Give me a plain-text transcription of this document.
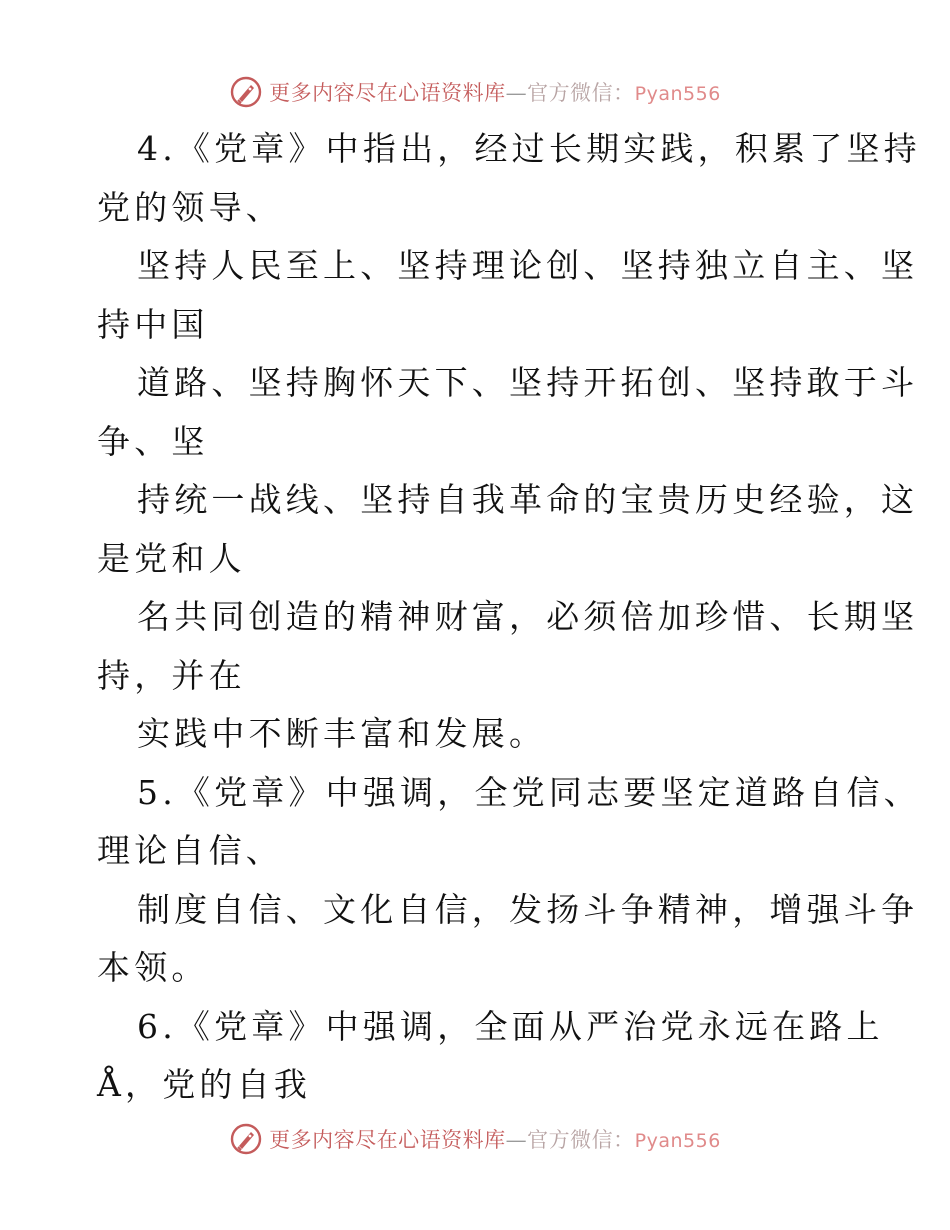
更多内容尽在心语资料库—官方微信：Pyan556
4.《党章》中指出，经过长期实践，积累了坚持
党的领导、
坚持人民至上、坚持理论创、坚持独立自主、坚
持中国
道路、坚持胸怀天下、坚持开拓创、坚持敢于斗
争、坚
持统一战线、坚持自我革命的宝贵历史经验，这
是党和人
名共同创造的精神财富，必须倍加珍惜、长期坚
持，并在
实践中不断丰富和发展。
5.《党章》中强调，全党同志要坚定道路自信、
理论自信、
制度自信、文化自信，发扬斗争精神，增强斗争
本领。
6.《党章》中强调，全面从严治党永远在路上
Å，党的自我
更多内容尽在心语资料库—官方微信：Pyan556
